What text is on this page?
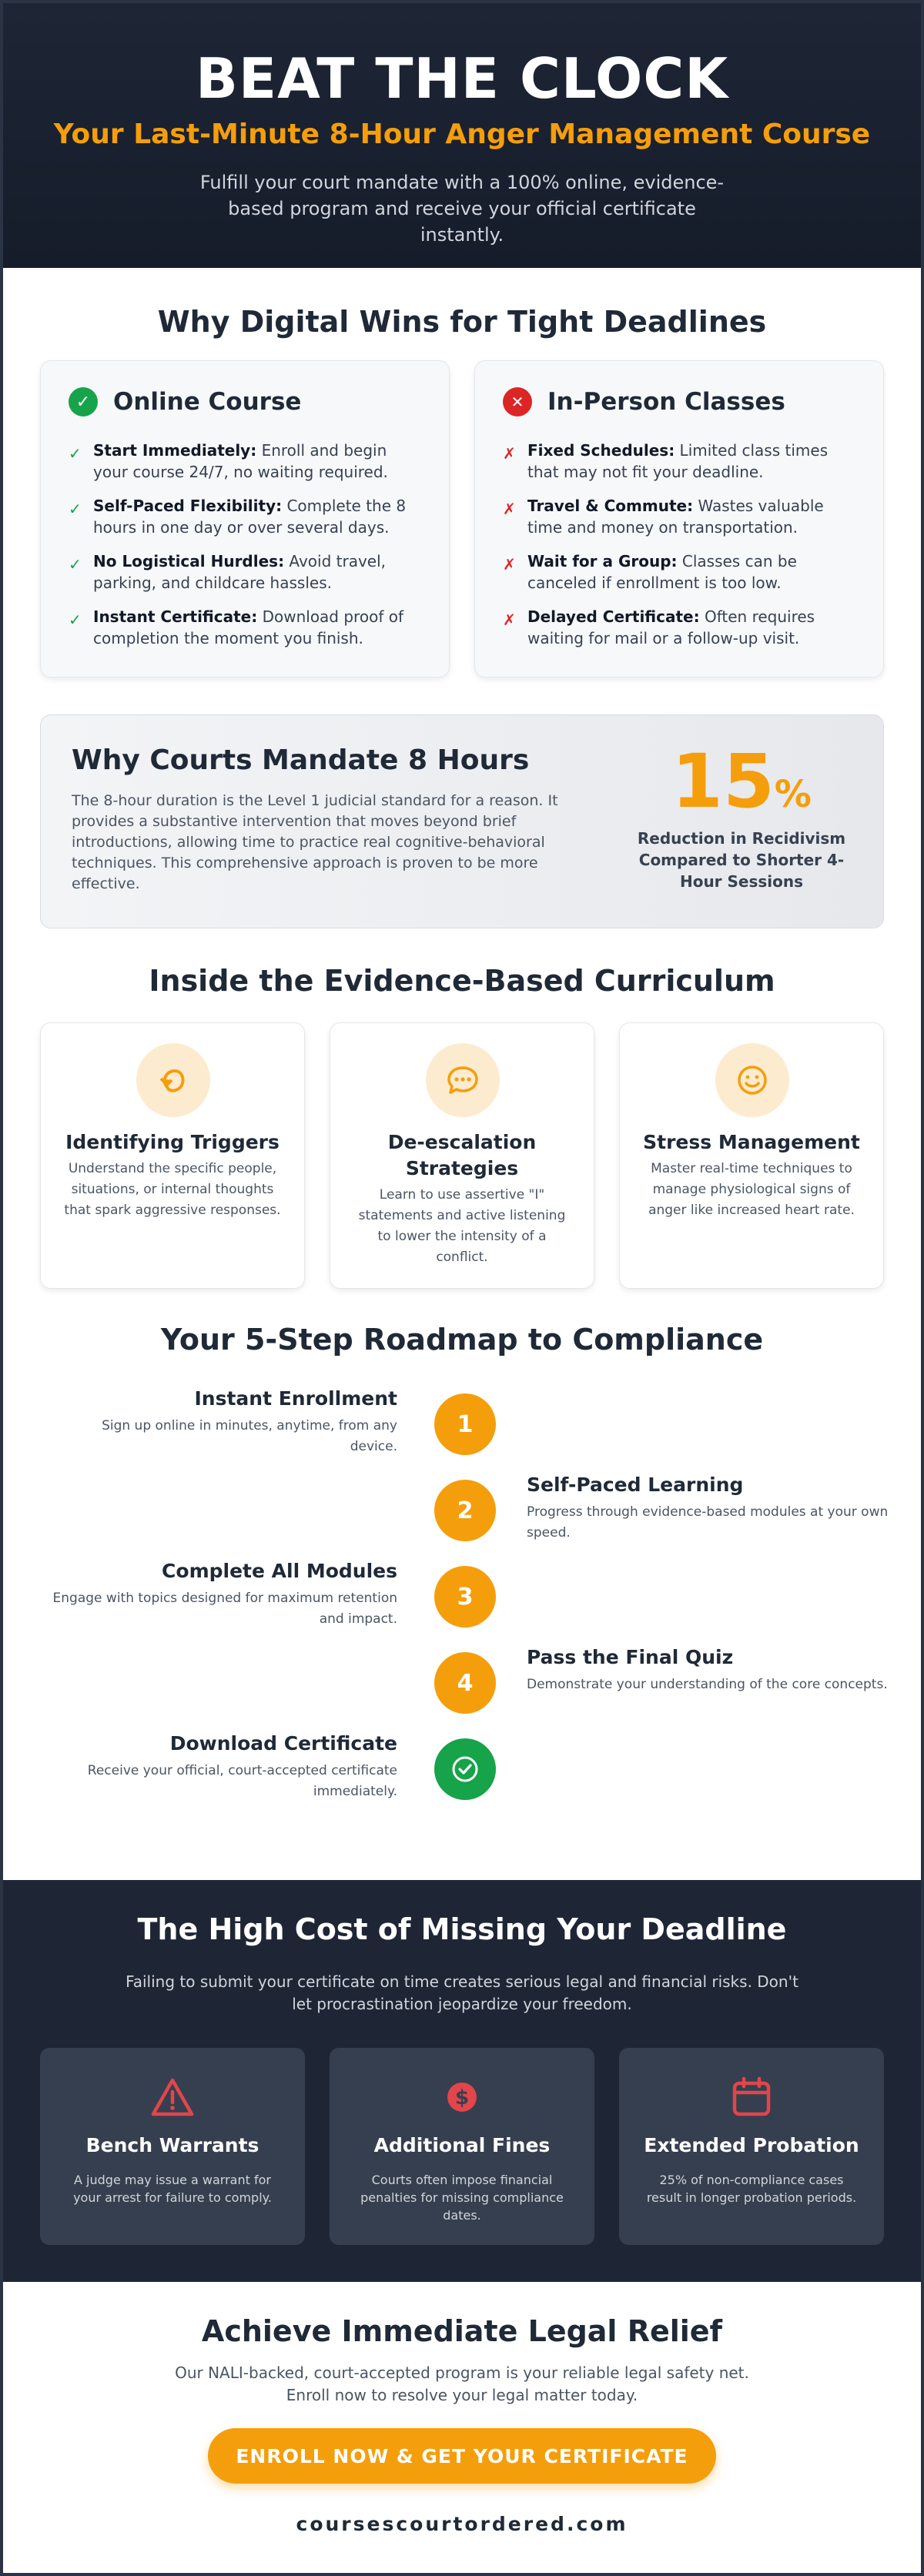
BEAT THE CLOCK
Your Last-Minute 8-Hour Anger Management Course

Fulfill your court mandate with a 100% online, evidence-based program and receive your official certificate instantly.

Why Digital Wins for Tight Deadlines
✓ Online Course
✓ Start Immediately: Enroll and begin your course 24/7, no waiting required.
✓ Self-Paced Flexibility: Complete the 8 hours in one day or over several days.
✓ No Logistical Hurdles: Avoid travel, parking, and childcare hassles.
✓ Instant Certificate: Download proof of completion the moment you finish.
✕ In-Person Classes
✗ Fixed Schedules: Limited class times that may not fit your deadline.
✗ Travel & Commute: Wastes valuable time and money on transportation.
✗ Wait for a Group: Classes can be canceled if enrollment is too low.
✗ Delayed Certificate: Often requires waiting for mail or a follow-up visit.
Why Courts Mandate 8 Hours

The 8-hour duration is the Level 1 judicial standard for a reason. It provides a substantive intervention that moves beyond brief introductions, allowing time to practice real cognitive-behavioral techniques. This comprehensive approach is proven to be more effective.

15%
Reduction in Recidivism Compared to Shorter 4-Hour Sessions
Inside the Evidence-Based Curriculum
Identifying Triggers

Understand the specific people, situations, or internal thoughts that spark aggressive responses.

De-escalation Strategies

Learn to use assertive "I" statements and active listening to lower the intensity of a conflict.

Stress Management

Master real-time techniques to manage physiological signs of anger like increased heart rate.

Your 5-Step Roadmap to Compliance
1
Instant Enrollment

Sign up online in minutes, anytime, from any device.

2
Self-Paced Learning

Progress through evidence-based modules at your own speed.

3
Complete All Modules

Engage with topics designed for maximum retention and impact.

4
Pass the Final Quiz

Demonstrate your understanding of the core concepts.

Download Certificate

Receive your official, court-accepted certificate immediately.

The High Cost of Missing Your Deadline

Failing to submit your certificate on time creates serious legal and financial risks. Don't let procrastination jeopardize your freedom.

Bench Warrants

A judge may issue a warrant for your arrest for failure to comply.

$
Additional Fines

Courts often impose financial penalties for missing compliance dates.

Extended Probation

25% of non-compliance cases result in longer probation periods.

Achieve Immediate Legal Relief

Our NALI-backed, court-accepted program is your reliable legal safety net. Enroll now to resolve your legal matter today.

ENROLL NOW & GET YOUR CERTIFICATE
coursescourtordered.com
